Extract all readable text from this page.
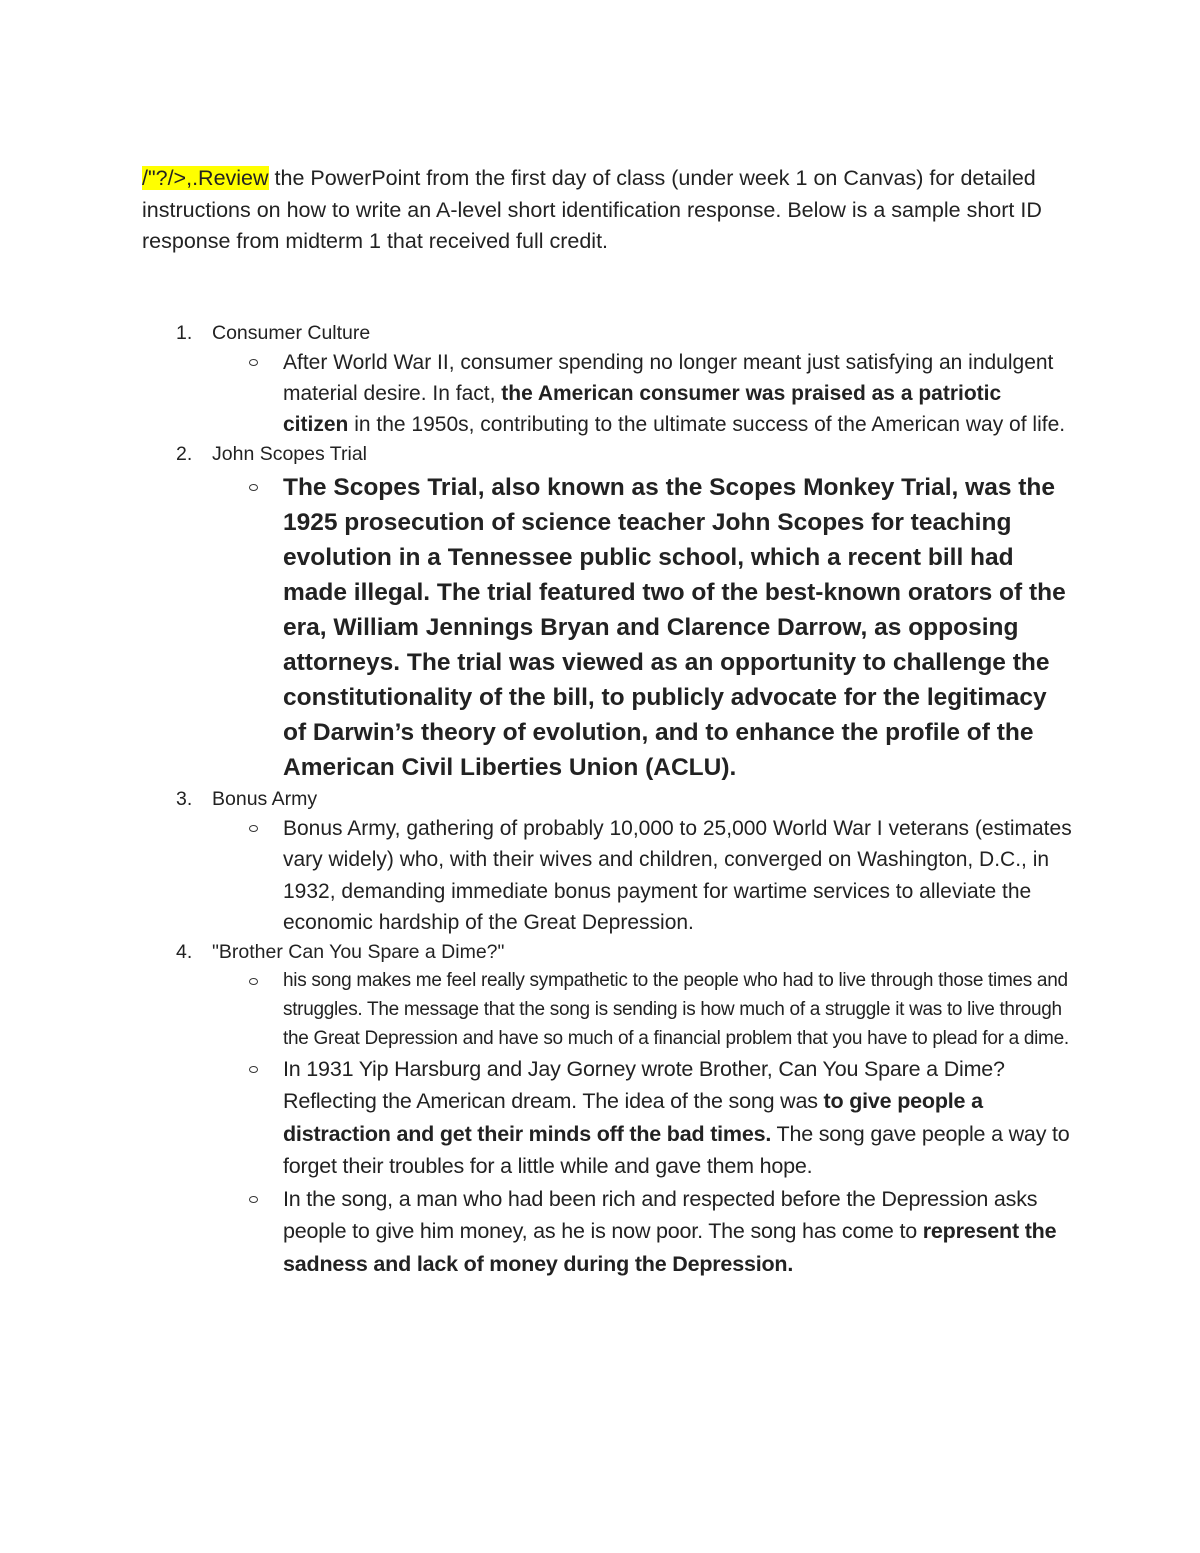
/"?/>,.Review the PowerPoint from the first day of class (under week 1 on Canvas) for detailed instructions on how to write an A-level short identification response. Below is a sample short ID response from midterm 1 that received full credit.

1. Consumer Culture
After World War II, consumer spending no longer meant just satisfying an indulgent material desire. In fact, the American consumer was praised as a patriotic citizen in the 1950s, contributing to the ultimate success of the American way of life.
2. John Scopes Trial
The Scopes Trial, also known as the Scopes Monkey Trial, was the 1925 prosecution of science teacher John Scopes for teaching evolution in a Tennessee public school, which a recent bill had made illegal. The trial featured two of the best-known orators of the era, William Jennings Bryan and Clarence Darrow, as opposing attorneys. The trial was viewed as an opportunity to challenge the constitutionality of the bill, to publicly advocate for the legitimacy of Darwin’s theory of evolution, and to enhance the profile of the American Civil Liberties Union (ACLU).
3. Bonus Army
Bonus Army, gathering of probably 10,000 to 25,000 World War I veterans (estimates vary widely) who, with their wives and children, converged on Washington, D.C., in 1932, demanding immediate bonus payment for wartime services to alleviate the economic hardship of the Great Depression.
4. "Brother Can You Spare a Dime?"
his song makes me feel really sympathetic to the people who had to live through those times and struggles. The message that the song is sending is how much of a struggle it was to live through the Great Depression and have so much of a financial problem that you have to plead for a dime.
In 1931 Yip Harsburg and Jay Gorney wrote Brother, Can You Spare a Dime? Reflecting the American dream. The idea of the song was to give people a distraction and get their minds off the bad times. The song gave people a way to forget their troubles for a little while and gave them hope.
In the song, a man who had been rich and respected before the Depression asks people to give him money, as he is now poor. The song has come to represent the sadness and lack of money during the Depression.
